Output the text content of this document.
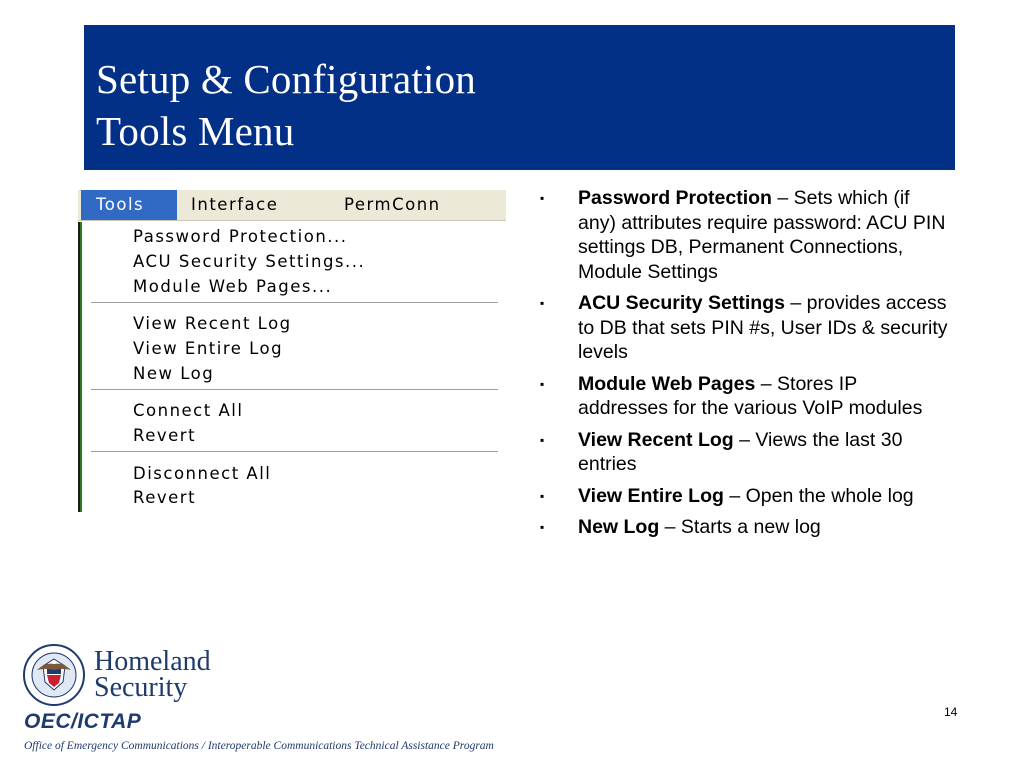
Setup & Configuration
Tools Menu
Tools	Interface	PermConn
Password Protection...
ACU Security Settings...
Module Web Pages...
View Recent Log
View Entire Log
New Log
Connect All
Revert
Disconnect All
Revert
▪ Password Protection – Sets which (if any) attributes require password: ACU PIN settings DB, Permanent Connections, Module Settings
▪ ACU Security Settings – provides access to DB that sets PIN #s, User IDs & security levels
▪ Module Web Pages – Stores IP addresses for the various VoIP modules
▪ View Recent Log – Views the last 30 entries
▪ View Entire Log – Open the whole log
▪ New Log – Starts a new log
Homeland
Security
OEC/ICTAP
Office of Emergency Communications / Interoperable Communications Technical Assistance Program
14
